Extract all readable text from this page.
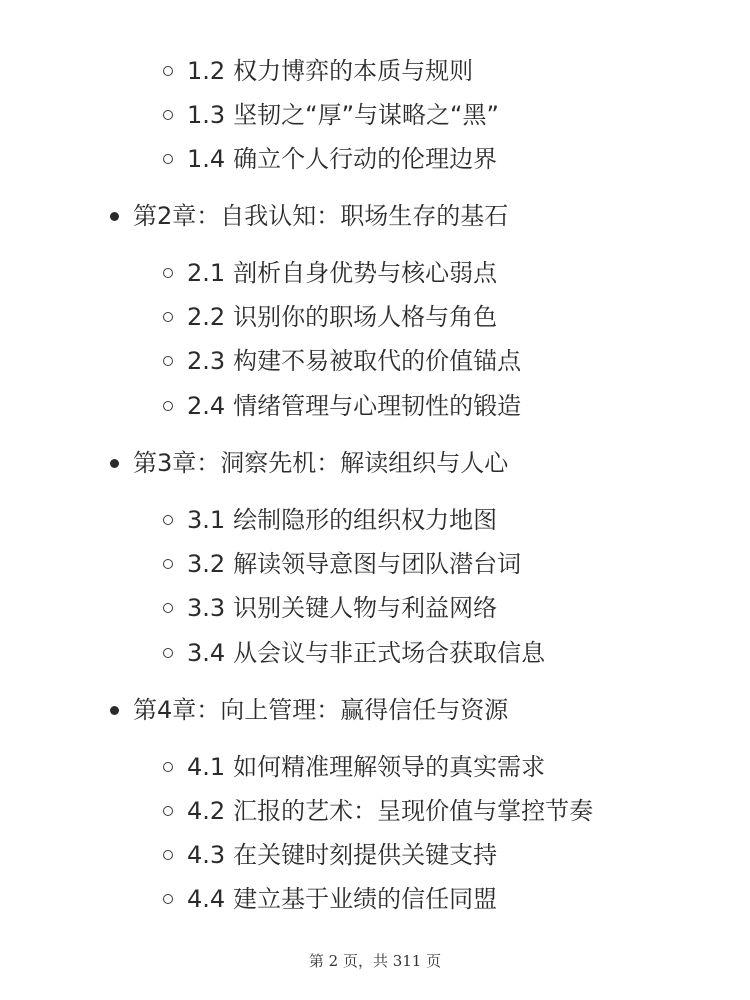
1.2 权力博弈的本质与规则
1.3 坚韧之“厚”与谋略之“黑”
1.4 确立个人行动的伦理边界
第2章：自我认知：职场生存的基石
2.1 剖析自身优势与核心弱点
2.2 识别你的职场人格与角色
2.3 构建不易被取代的价值锚点
2.4 情绪管理与心理韧性的锻造
第3章：洞察先机：解读组织与人心
3.1 绘制隐形的组织权力地图
3.2 解读领导意图与团队潜台词
3.3 识别关键人物与利益网络
3.4 从会议与非正式场合获取信息
第4章：向上管理：赢得信任与资源
4.1 如何精准理解领导的真实需求
4.2 汇报的艺术：呈现价值与掌控节奏
4.3 在关键时刻提供关键支持
4.4 建立基于业绩的信任同盟
第 2 页，共 311 页
